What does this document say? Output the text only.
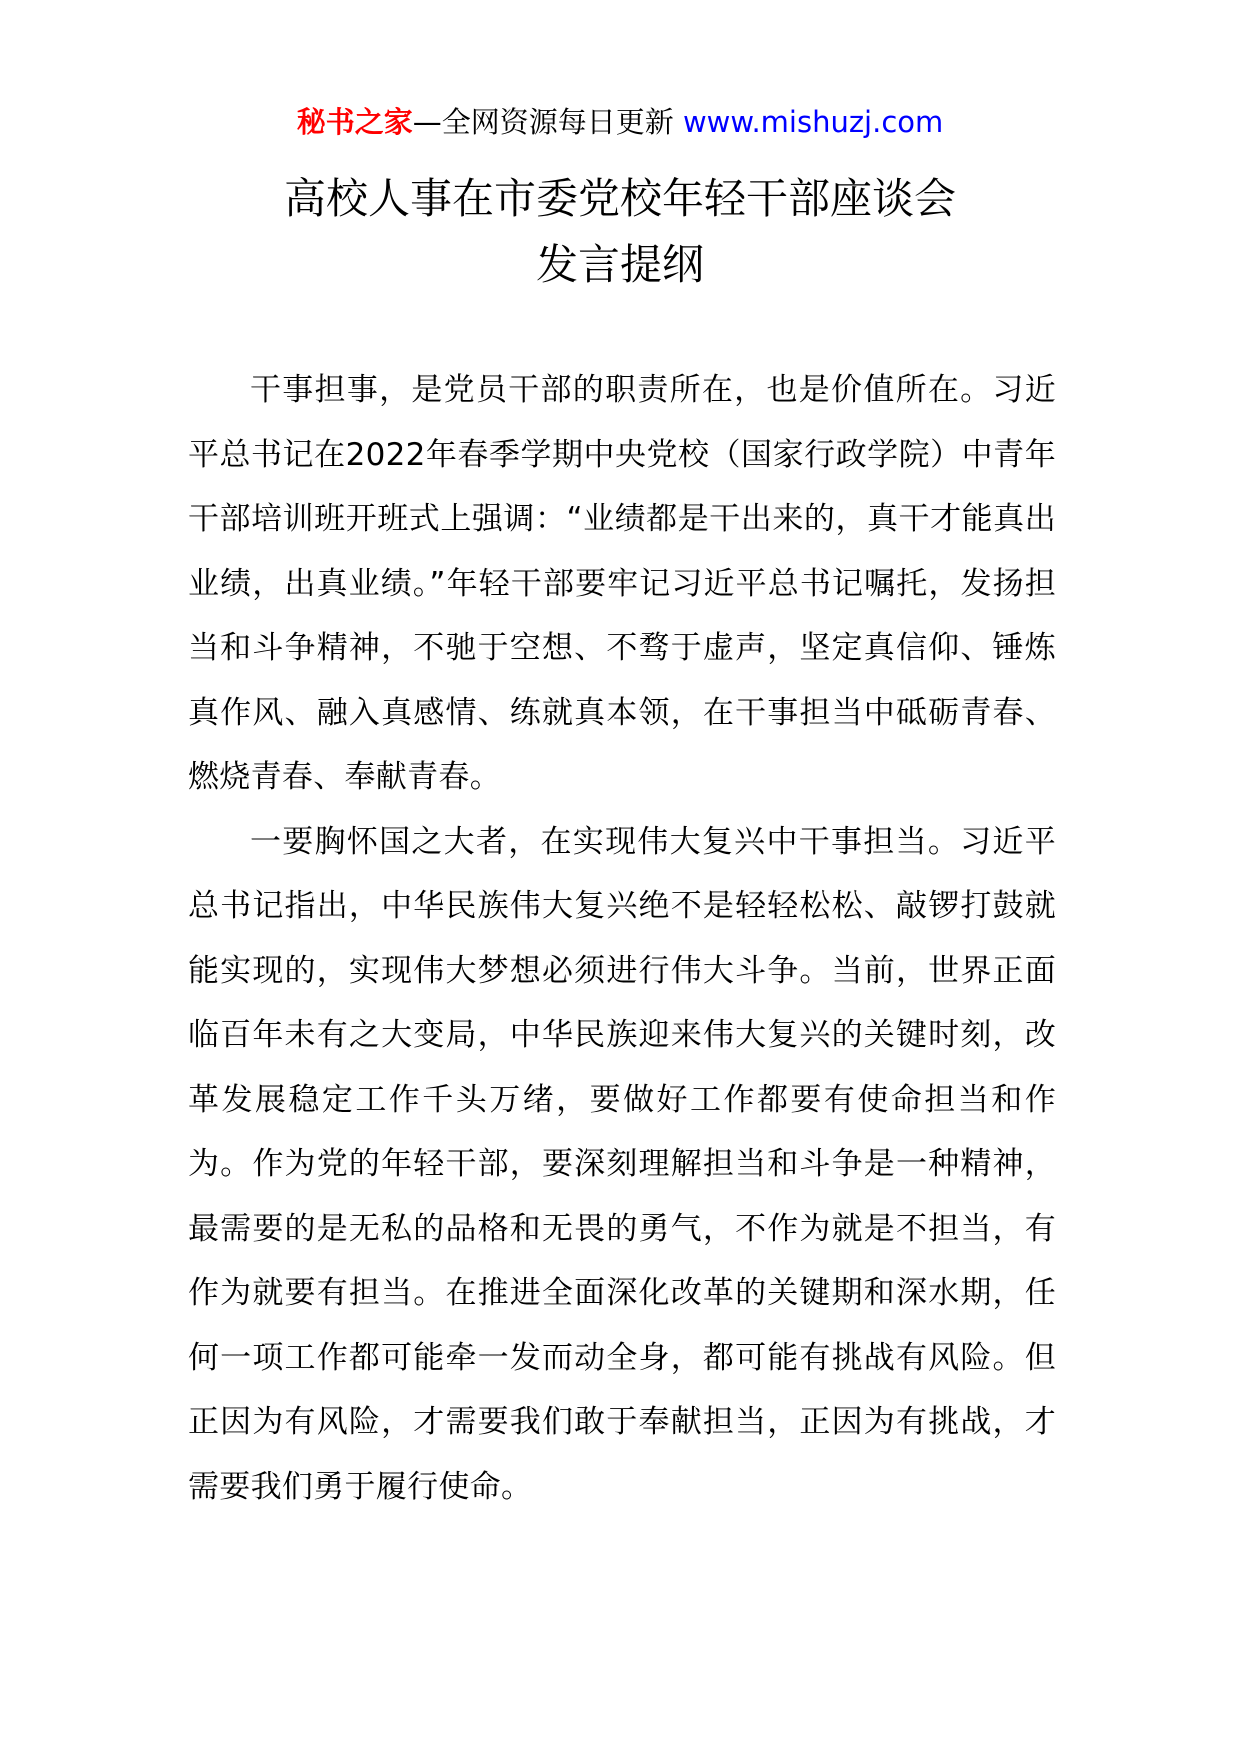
秘书之家—全网资源每日更新 www.mishuzj.com
高校人事在市委党校年轻干部座谈会
发言提纲

干事担事，是党员干部的职责所在，也是价值所在。习近平总书记在2022年春季学期中央党校（国家行政学院）中青年干部培训班开班式上强调：“业绩都是干出来的，真干才能真出业绩，出真业绩。”年轻干部要牢记习近平总书记嘱托，发扬担当和斗争精神，不驰于空想、不骛于虚声，坚定真信仰、锤炼真作风、融入真感情、练就真本领，在干事担当中砥砺青春、燃烧青春、奉献青春。

一要胸怀国之大者，在实现伟大复兴中干事担当。习近平总书记指出，中华民族伟大复兴绝不是轻轻松松、敲锣打鼓就能实现的，实现伟大梦想必须进行伟大斗争。当前，世界正面临百年未有之大变局，中华民族迎来伟大复兴的关键时刻，改革发展稳定工作千头万绪，要做好工作都要有使命担当和作为。作为党的年轻干部，要深刻理解担当和斗争是一种精神，最需要的是无私的品格和无畏的勇气，不作为就是不担当，有作为就要有担当。在推进全面深化改革的关键期和深水期，任何一项工作都可能牵一发而动全身，都可能有挑战有风险。但正因为有风险，才需要我们敢于奉献担当，正因为有挑战，才需要我们勇于履行使命。
